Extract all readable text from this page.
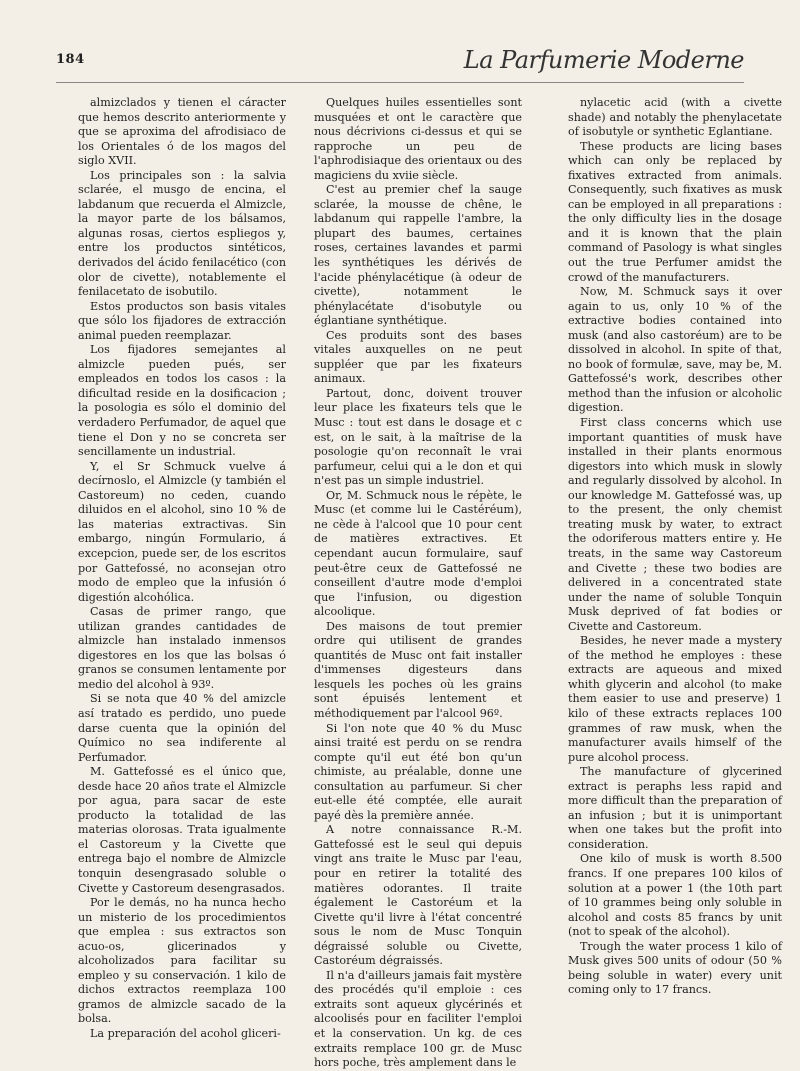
184	La Parfumerie Moderne

almizclados y tienen el cáracter que hemos descrito anteriormente y que se aproxima del afrodisiaco de los Orientales ó de los magos del siglo XVII.

Los principales son : la salvia sclarée, el musgo de encina, el labdanum que recuerda el Almizcle, la mayor parte de los bálsamos, algunas rosas, ciertos espliegos y, entre los productos sintéticos, derivados del ácido fenilacético (con olor de civette), notablemente el fenilacetato de isobutilo.

Estos productos son basis vitales que sólo los fijadores de extracción animal pueden reemplazar.

Los fijadores semejantes al almizcle pueden pués, ser empleados en todos los casos : la dificultad reside en la dosificacion ; la posologia es sólo el dominio del verdadero Perfumador, de aquel que tiene el Don y no se concreta ser sencillamente un industrial.

Y, el Sr Schmuck vuelve á decírnoslo, el Almizcle (y también el Castoreum) no ceden, cuando diluidos en el alcohol, sino 10 % de las materias extractivas. Sin embargo, ningún Formulario, á excepcion, puede ser, de los escritos por Gattefossé, no aconsejan otro modo de empleo que la infusión ó digestión alcohólica.

Casas de primer rango, que utilizan grandes cantidades de almizcle han instalado inmensos digestores en los que las bolsas ó granos se consumen lentamente por medio del alcohol à 93º.

Si se nota que 40 % del amizcle así tratado es perdido, uno puede darse cuenta que la opinión del Químico no sea indiferente al Perfumador.

M. Gattefossé es el único que, desde hace 20 años trate el Almizcle por agua, para sacar de este producto la totalidad de las materias olorosas. Trata igualmente el Castoreum y la Civette que entrega bajo el nombre de Almizcle tonquin desengrasado soluble o Civette y Castoreum desengrasados.

Por le demás, no ha nunca hecho un misterio de los procedimientos que emplea : sus extractos son acuo-os, glicerinados y alcoholizados para facilitar su empleo y su conservación. 1 kilo de dichos extractos reemplaza 100 gramos de almizcle sacado de la bolsa.

La preparación del acohol gliceri-

Quelques huiles essentielles sont musquées et ont le caractère que nous décrivions ci-dessus et qui se rapproche un peu de l'aphrodisiaque des orientaux ou des magiciens du xviie siècle.

C'est au premier chef la sauge sclarée, la mousse de chêne, le labdanum qui rappelle l'ambre, la plupart des baumes, certaines roses, certaines lavandes et parmi les synthétiques les dérivés de l'acide phénylacétique (à odeur de civette), notamment le phénylacétate d'isobutyle ou églantiane synthétique.

Ces produits sont des bases vitales auxquelles on ne peut suppléer que par les fixateurs animaux.

Partout, donc, doivent trouver leur place les fixateurs tels que le Musc : tout est dans le dosage et c est, on le sait, à la maîtrise de la posologie qu'on reconnaît le vrai parfumeur, celui qui a le don et qui n'est pas un simple industriel.

Or, M. Schmuck nous le répète, le Musc (et comme lui le Castéréum), ne cède à l'alcool que 10 pour cent de matières extractives. Et cependant aucun formulaire, sauf peut-être ceux de Gattefossé ne conseillent d'autre mode d'emploi que l'infusion, ou digestion alcoolique.

Des maisons de tout premier ordre qui utilisent de grandes quantités de Musc ont fait installer d'immenses digesteurs dans lesquels les poches où les grains sont épuisés lentement et méthodiquement par l'alcool 96º.

Si l'on note que 40 % du Musc ainsi traité est perdu on se rendra compte qu'il eut été bon qu'un chimiste, au préalable, donne une consultation au parfumeur. Si cher eut-elle été comptée, elle aurait payé dès la première année.

A notre connaissance R.-M. Gattefossé est le seul qui depuis vingt ans traite le Musc par l'eau, pour en retirer la totalité des matières odorantes. Il traite également le Castoréum et la Civette qu'il livre à l'état concentré sous le nom de Musc Tonquin dégraissé soluble ou Civette, Castoréum dégraissés.

Il n'a d'ailleurs jamais fait mystère des procédés qu'il emploie : ces extraits sont aqueux glycérinés et alcoolisés pour en faciliter l'emploi et la conservation. Un kg. de ces extraits remplace 100 gr. de Musc hors poche, très amplement dans le

nylacetic acid (with a civette shade) and notably the phenylacetate of isobutyle or synthetic Eglantiane.

These products are licing bases which can only be replaced by fixatives extracted from animals. Consequently, such fixatives as musk can be employed in all preparations : the only difficulty lies in the dosage and it is known that the plain command of Pasology is what singles out the true Perfumer amidst the crowd of the manufacturers.

Now, M. Schmuck says it over again to us, only 10 % of the extractive bodies contained into musk (and also castoréum) are to be dissolved in alcohol. In spite of that, no book of formulæ, save, may be, M. Gattefossé's work, describes other method than the infusion or alcoholic digestion.

First class concerns which use important quantities of musk have installed in their plants enormous digestors into which musk in slowly and regularly dissolved by alcohol. In our knowledge M. Gattefossé was, up to the present, the only chemist treating musk by water, to extract the odoriferous matters entire y. He treats, in the same way Castoreum and Civette ; these two bodies are delivered in a concentrated state under the name of soluble Tonquin Musk deprived of fat bodies or Civette and Castoreum.

Besides, he never made a mystery of the method he employes : these extracts are aqueous and mixed whith glycerin and alcohol (to make them easier to use and preserve) 1 kilo of these extracts replaces 100 grammes of raw musk, when the manufacturer avails himself of the pure alcohol process.

The manufacture of glycerined extract is peraphs less rapid and more difficult than the preparation of an infusion ; but it is unimportant when one takes but the profit into consideration.

One kilo of musk is worth 8.500 francs. If one prepares 100 kilos of solution at a power 1 (the 10th part of 10 grammes being only soluble in alcohol and costs 85 francs by unit (not to speak of the alcohol).

Trough the water process 1 kilo of Musk gives 500 units of odour (50 % being soluble in water) every unit coming only to 17 francs.
